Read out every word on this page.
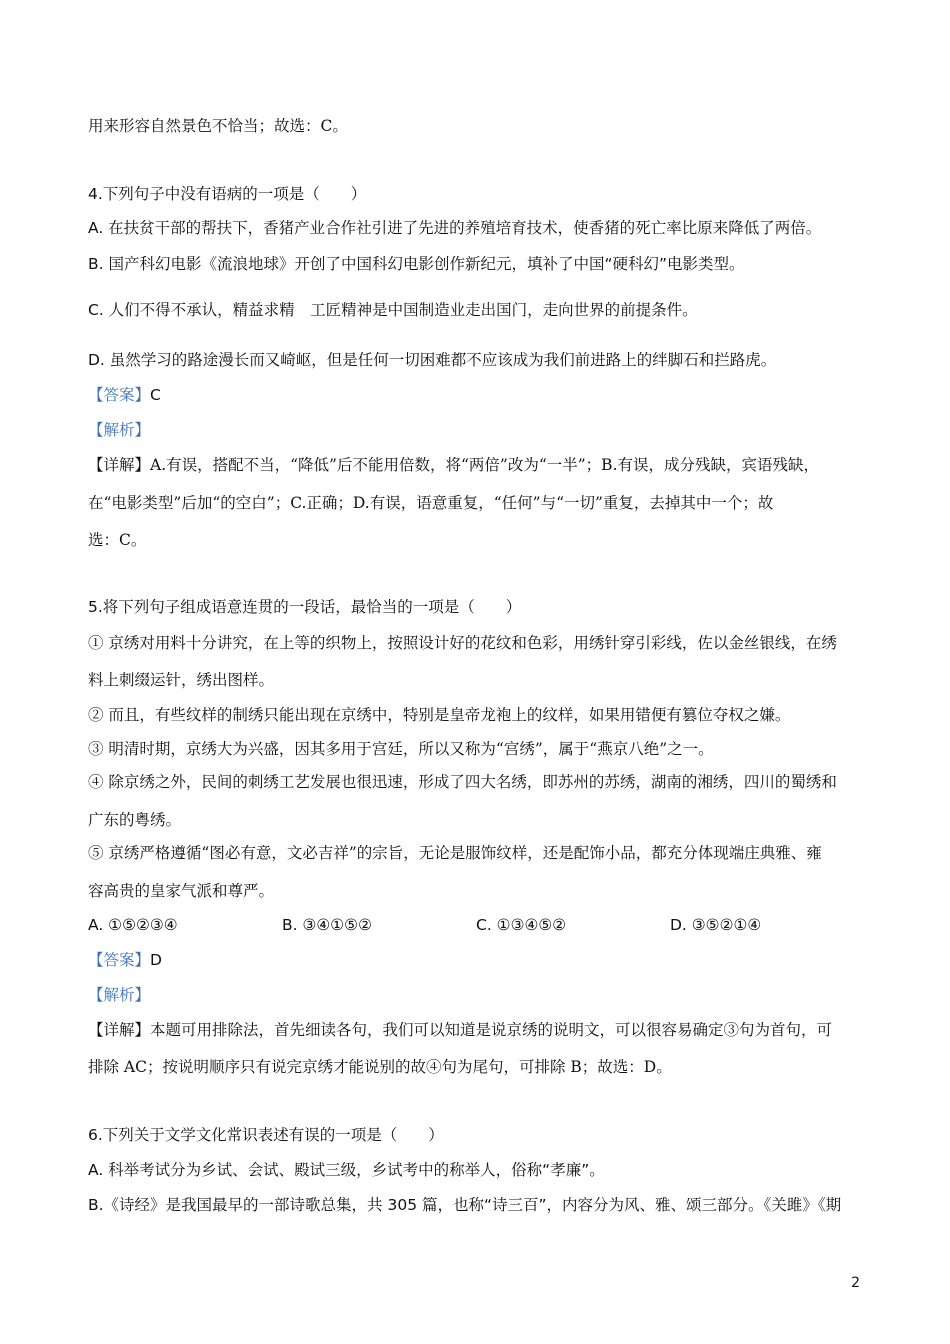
用来形容自然景色不恰当；故选：C。
4.下列句子中没有语病的一项是（　　）
A. 在扶贫干部的帮扶下，香猪产业合作社引进了先进的养殖培育技术，使香猪的死亡率比原来降低了两倍。
B. 国产科幻电影《流浪地球》开创了中国科幻电影创作新纪元，填补了中国“硬科幻”电影类型。
C. 人们不得不承认，精益求精　工匠精神是中国制造业走出国门，走向世界的前提条件。
D. 虽然学习的路途漫长而又崎岖，但是任何一切困难都不应该成为我们前进路上的绊脚石和拦路虎。
【答案】C
【解析】
【详解】A.有误，搭配不当，“降低”后不能用倍数，将“两倍”改为“一半”；B.有误，成分残缺，宾语残缺，
在“电影类型”后加“的空白”；C.正确；D.有误，语意重复，“任何”与“一切”重复，去掉其中一个；故
选：C。
5.将下列句子组成语意连贯的一段话，最恰当的一项是（　　）
① 京绣对用料十分讲究，在上等的织物上，按照设计好的花纹和色彩，用绣针穿引彩线，佐以金丝银线，在绣
料上刺缀运针，绣出图样。
② 而且，有些纹样的制绣只能出现在京绣中，特别是皇帝龙袍上的纹样，如果用错便有篡位夺权之嫌。
③ 明清时期，京绣大为兴盛，因其多用于宫廷，所以又称为“宫绣”，属于“燕京八绝”之一。
④ 除京绣之外，民间的刺绣工艺发展也很迅速，形成了四大名绣，即苏州的苏绣，湖南的湘绣，四川的蜀绣和
广东的粤绣。
⑤ 京绣严格遵循“图必有意，文必吉祥”的宗旨，无论是服饰纹样，还是配饰小品，都充分体现端庄典雅、雍
容高贵的皇家气派和尊严。
A. ①⑤②③④	B. ③④①⑤②	C. ①③④⑤②	D. ③⑤②①④
【答案】D
【解析】
【详解】本题可用排除法，首先细读各句，我们可以知道是说京绣的说明文，可以很容易确定③句为首句，可
排除 AC；按说明顺序只有说完京绣才能说别的故④句为尾句，可排除 B；故选：D。
6.下列关于文学文化常识表述有误的一项是（　　）
A. 科举考试分为乡试、会试、殿试三级，乡试考中的称举人，俗称“孝廉”。
B.《诗经》是我国最早的一部诗歌总集，共 305 篇，也称“诗三百”，内容分为风、雅、颂三部分。《关雎》《期
2
